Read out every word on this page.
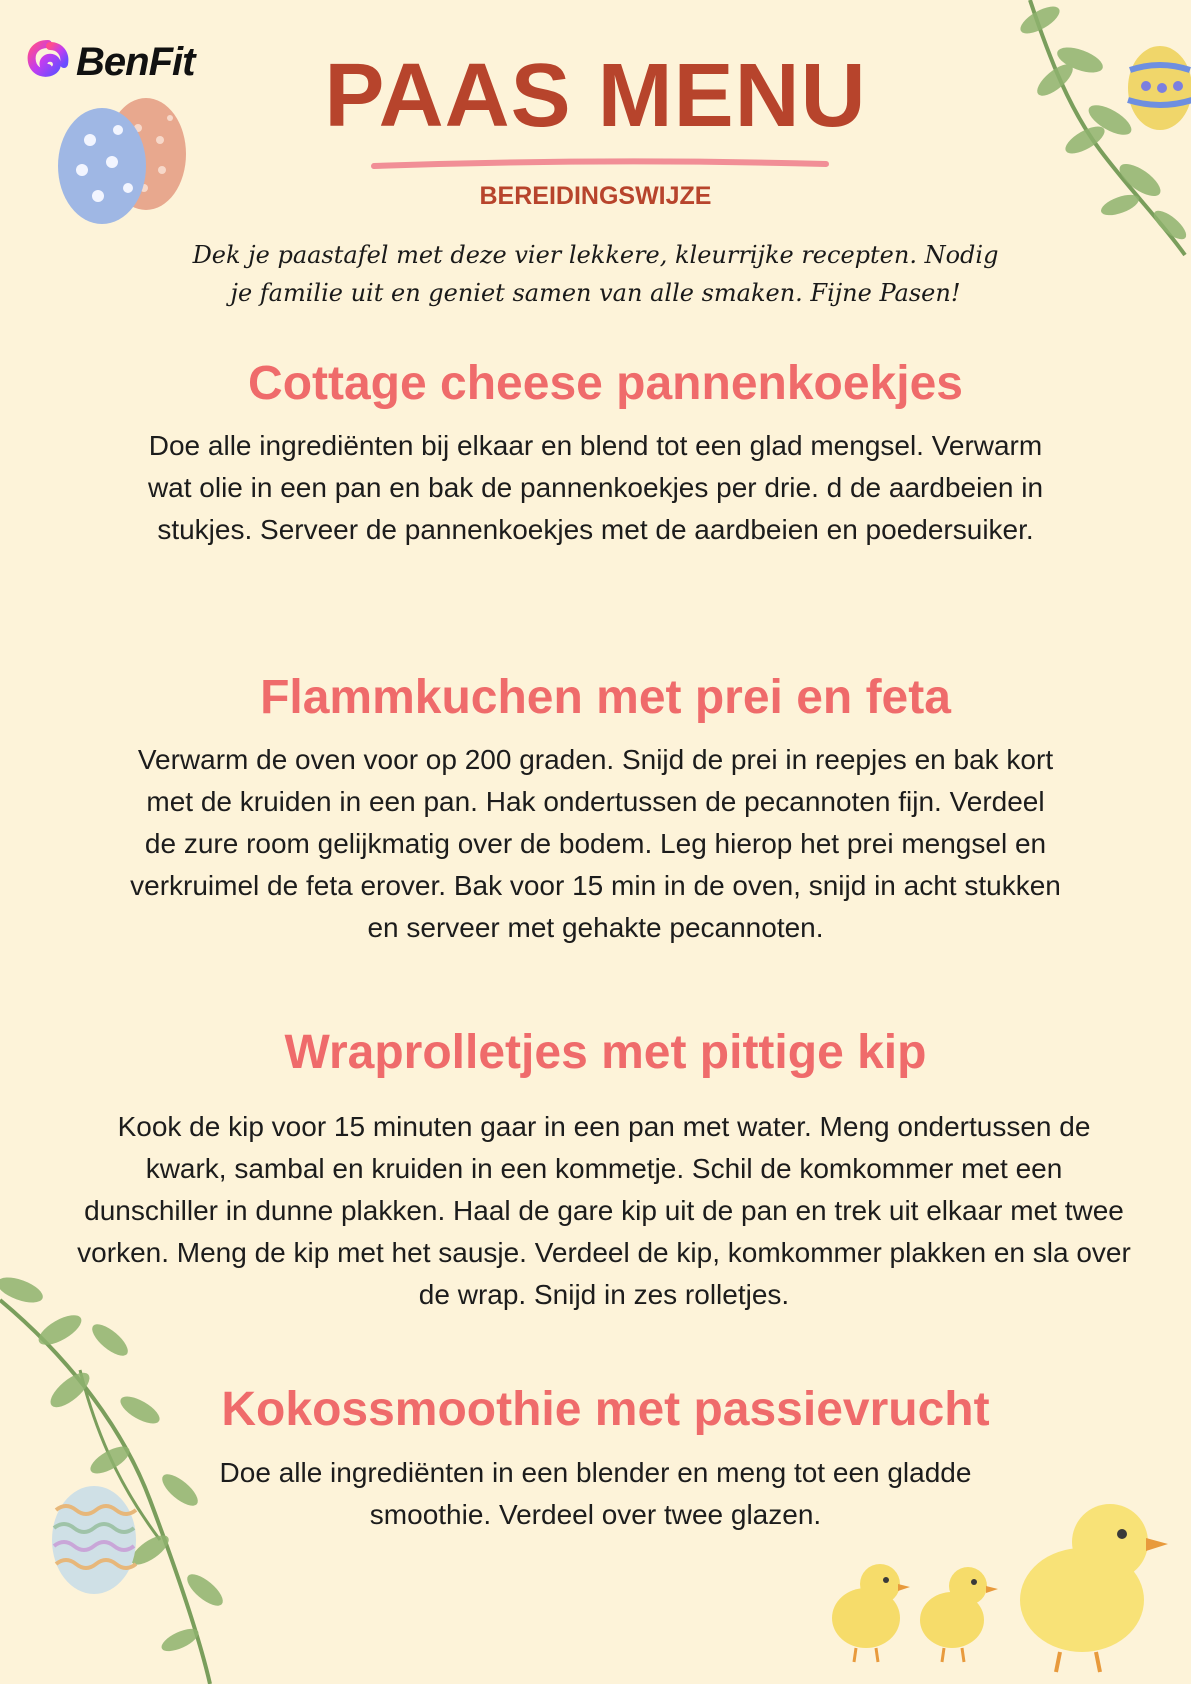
BenFit	PAAS MENU
BEREIDINGSWIJZE
Dek je paastafel met deze vier lekkere, kleurrijke recepten. Nodig je familie uit en geniet samen van alle smaken. Fijne Pasen!
Cottage cheese pannenkoekjes
Doe alle ingrediënten bij elkaar en blend tot een glad mengsel. Verwarm wat olie in een pan en bak de pannenkoekjes per drie. d de aardbeien in stukjes. Serveer de pannenkoekjes met de aardbeien en poedersuiker.
Flammkuchen met prei en feta
Verwarm de oven voor op 200 graden. Snijd de prei in reepjes en bak kort met de kruiden in een pan. Hak ondertussen de pecannoten fijn. Verdeel de zure room gelijkmatig over de bodem. Leg hierop het prei mengsel en verkruimel de feta erover. Bak voor 15 min in de oven, snijd in acht stukken en serveer met gehakte pecannoten.
Wraprolletjes met pittige kip
Kook de kip voor 15 minuten gaar in een pan met water. Meng ondertussen de kwark, sambal en kruiden in een kommetje. Schil de komkommer met een dunschiller in dunne plakken. Haal de gare kip uit de pan en trek uit elkaar met twee vorken. Meng de kip met het sausje. Verdeel de kip, komkommer plakken en sla over de wrap. Snijd in zes rolletjes.
Kokossmoothie met passievrucht
Doe alle ingrediënten in een blender en meng tot een gladde smoothie. Verdeel over twee glazen.
